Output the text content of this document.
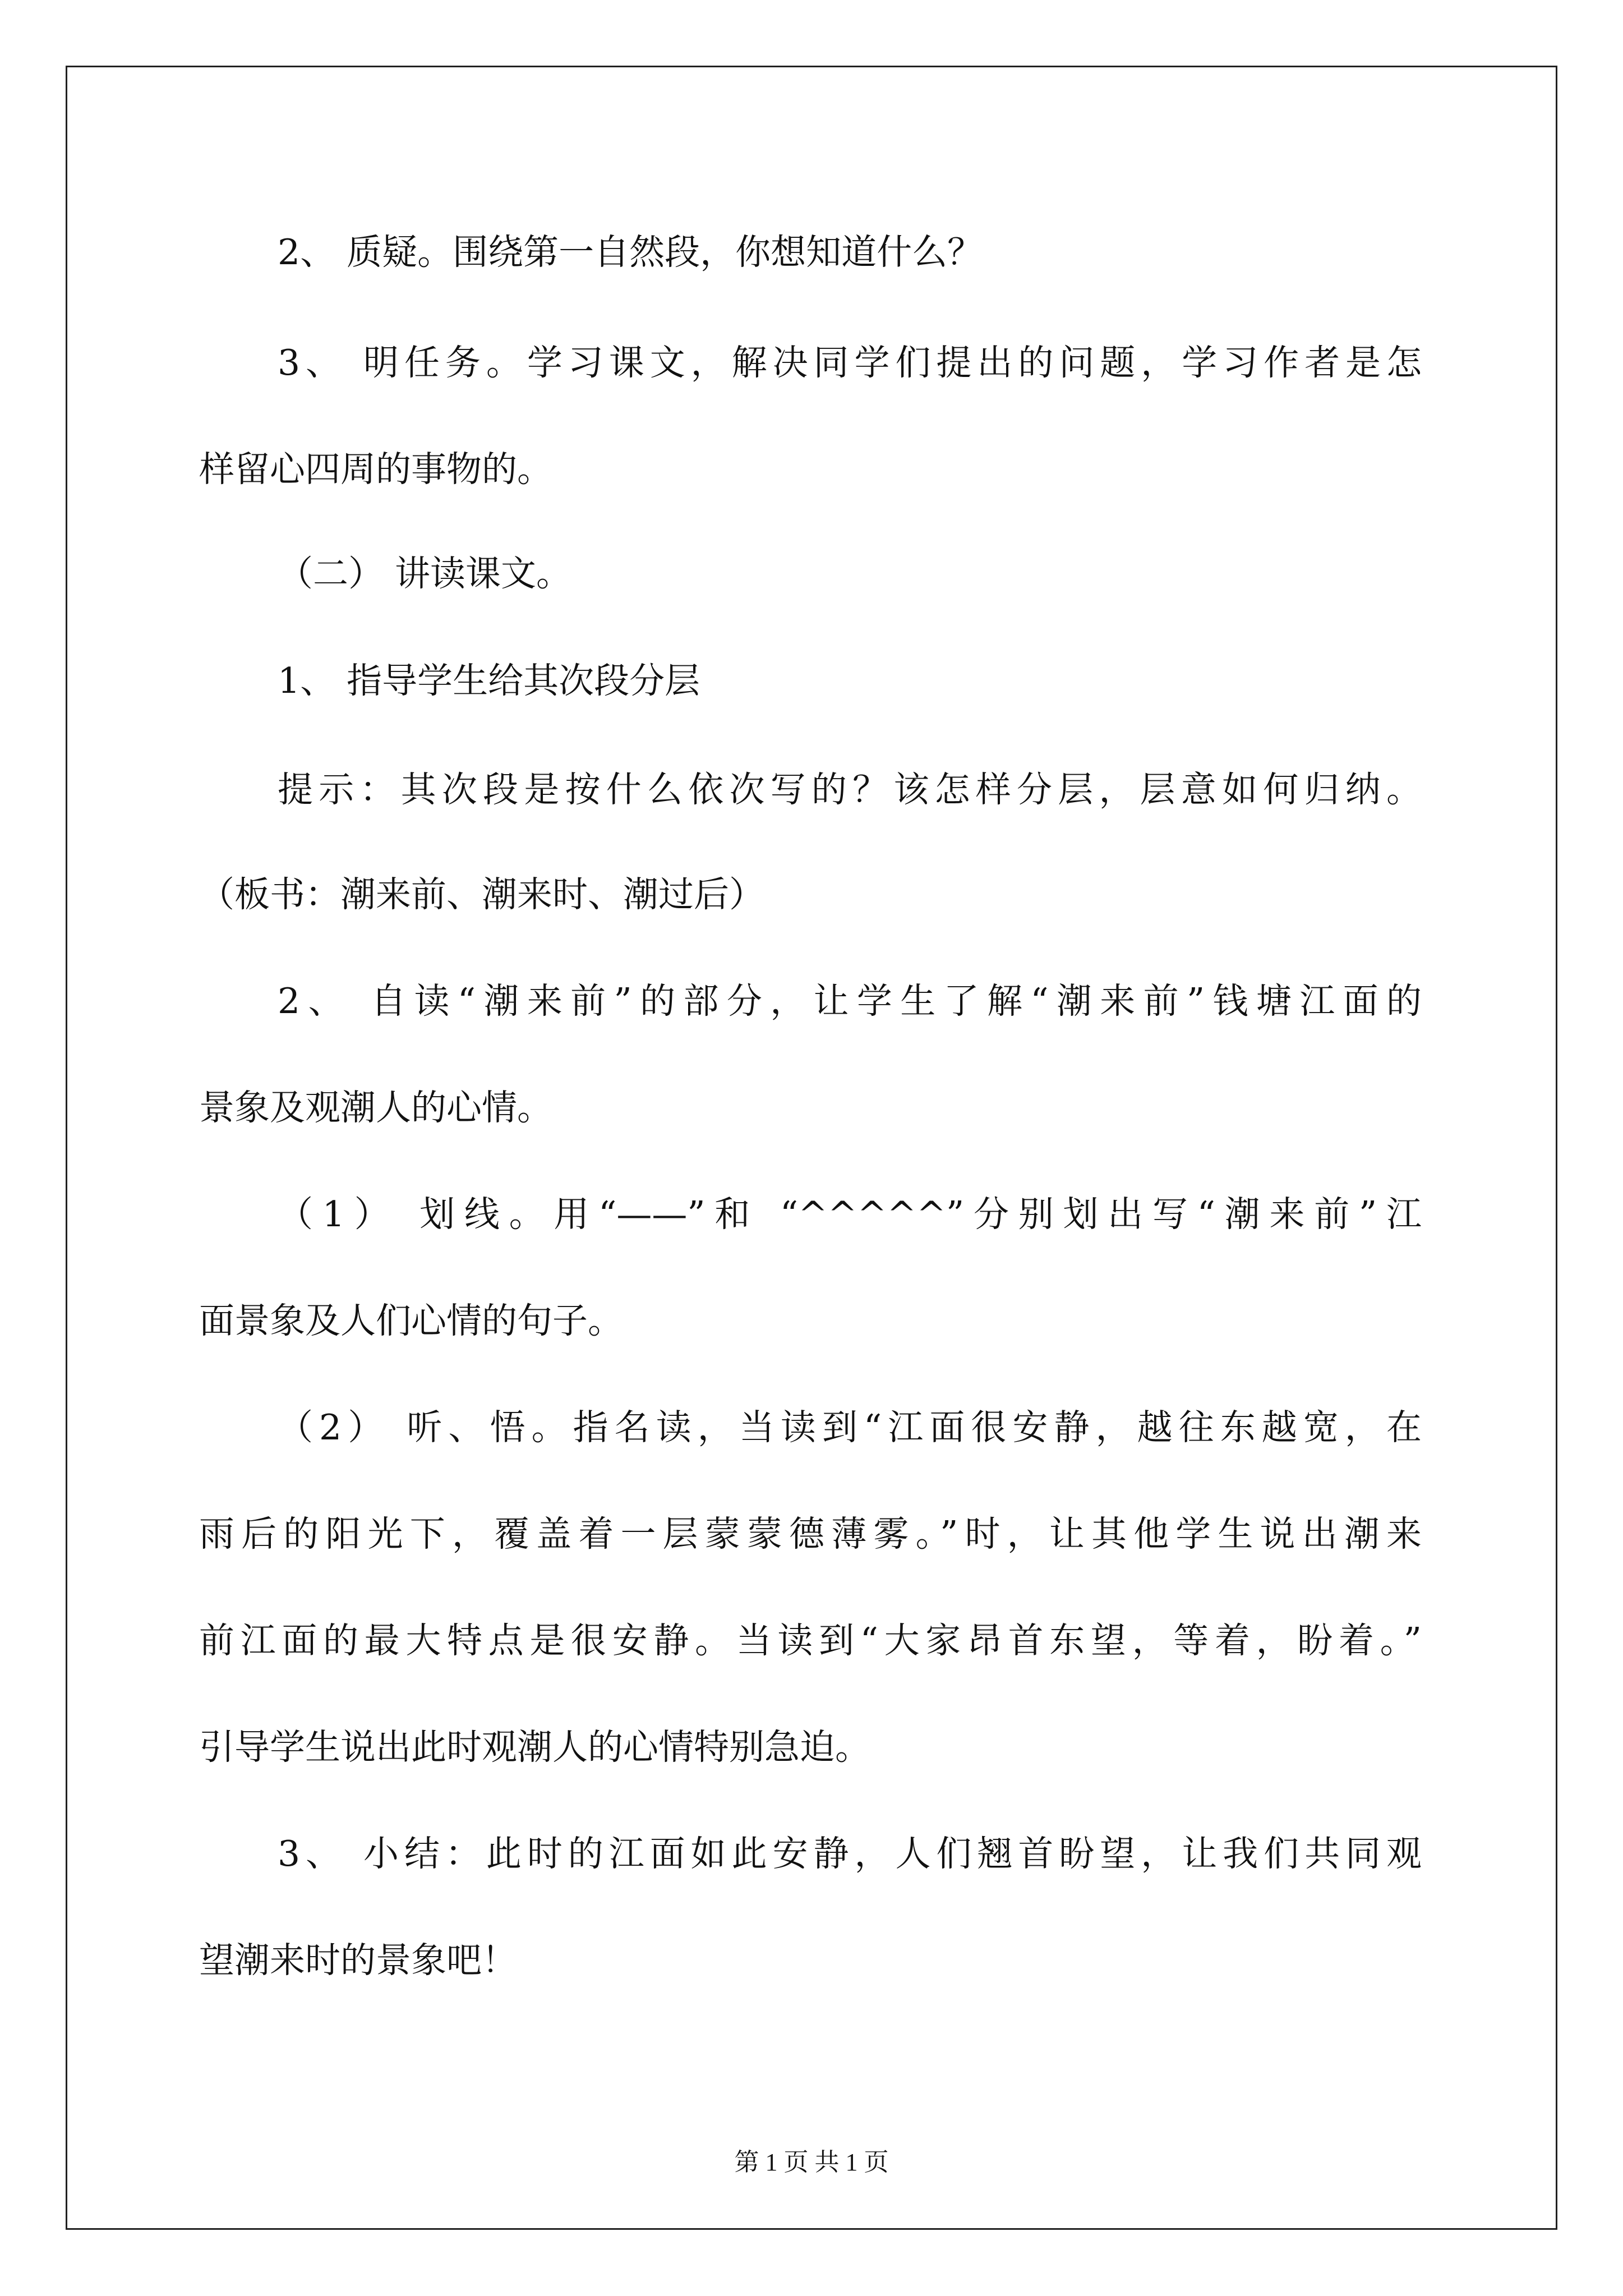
2、 质疑。围绕第一自然段，你想知道什么？
3、 明任务。学习课文，解决同学们提出的问题，学习作者是怎
样留心四周的事物的。
（二） 讲读课文。
1、 指导学生给其次段分层
提示：其次段是按什么依次写的？该怎样分层，层意如何归纳。
（板书：潮来前、潮来时、潮过后）
2、 自读“潮来前”的部分，让学生了解“潮来前”钱塘江面的
景象及观潮人的心情。
（1） 划线。用“——”和 “^^^^^”分别划出写“潮来前”江
面景象及人们心情的句子。
（2） 听、悟。指名读，当读到“江面很安静，越往东越宽，在
雨后的阳光下，覆盖着一层蒙蒙德薄雾。”时，让其他学生说出潮来
前江面的最大特点是很安静。当读到“大家昂首东望，等着，盼着。”
引导学生说出此时观潮人的心情特别急迫。
3、 小结：此时的江面如此安静，人们翘首盼望，让我们共同观
望潮来时的景象吧！
第 1 页 共 1 页
